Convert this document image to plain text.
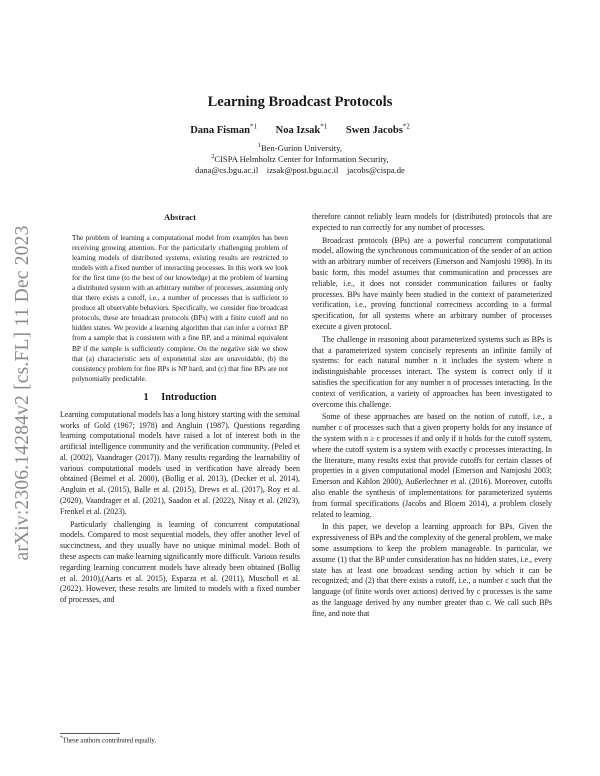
arXiv:2306.14284v2 [cs.FL] 11 Dec 2023
Learning Broadcast Protocols
Dana Fisman$^{*1}$ Noa Izsak$^{*1}$ Swen Jacobs$^{*2}$
$^1$Ben-Gurion University,
$^2$CISPA Helmholtz Center for Information Security,
dana@cs.bgu.ac.il    izsak@post.bgu.ac.il    jacobs@cispa.de
Abstract

The problem of learning a computational model from examples has been receiving growing attention. For the particularly challenging problem of learning models of distributed systems, existing results are restricted to models with a fixed number of interacting processes. In this work we look for the first time (to the best of our knowledge) at the problem of learning a distributed system with an arbitrary number of processes, assuming only that there exists a cutoff, i.e., a number of processes that is sufficient to produce all observable behaviors. Specifically, we consider fine broadcast protocols, these are broadcast protocols (BPs) with a finite cutoff and no hidden states. We provide a learning algorithm that can infer a correct BP from a sample that is consistent with a fine BP, and a minimal equivalent BP if the sample is sufficiently complete. On the negative side we show that (a) characteristic sets of exponential size are unavoidable, (b) the consistency problem for fine BPs is NP hard, and (c) that fine BPs are not polynomially predictable.

1     Introduction

Learning computational models has a long history starting with the seminal works of Gold (1967; 1978) and Angluin (1987). Questions regarding learning computational models have raised a lot of interest both in the artificial intelligence community and the verification community. (Peled et al. (2002), Vaandrager (2017)). Many results regarding the learnability of various computational models used in verification have already been obtained (Beimel et al. 2000), (Bollig et al. 2013), (Decker et al. 2014), Angluin et al. (2015), Balle et al. (2015), Drews et al. (2017), Roy et al. (2020), Vaandrager et al. (2021), Saadon et al. (2022), Nitay et al. (2023), Frenkel et al. (2023).

Particularly challenging is learning of concurrent computational models. Compared to most sequential models, they offer another level of succinctness, and they usually have no unique minimal model. Both of these aspects can make learning significantly more difficult. Various results regarding learning concurrent models have already been obtained (Bollig et al. 2010),(Aarts et al. 2015), Esparza et al. (2011), Muscholl et al. (2022). However, these results are limited to models with a fixed number of processes, and

therefore cannot reliably learn models for (distributed) protocols that are expected to run correctly for any number of processes.

Broadcast protocols (BPs) are a powerful concurrent computational model, allowing the synchronous communication of the sender of an action with an arbitrary number of receivers (Emerson and Namjoshi 1998). In its basic form, this model assumes that communication and processes are reliable, i.e., it does not consider communication failures or faulty processes. BPs have mainly been studied in the context of parameterized verification, i.e., proving functional correctness according to a formal specification, for all systems where an arbitrary number of processes execute a given protocol.

The challenge in reasoning about parameterized systems such as BPs is that a parameterized system concisely represents an infinite family of systems: for each natural number n it includes the system where n indistinguishable processes interact. The system is correct only if it satisfies the specification for any number n of processes interacting. In the context of verification, a variety of approaches has been investigated to overcome this challenge.

Some of these approaches are based on the notion of cutoff, i.e., a number c of processes such that a given property holds for any instance of the system with n ≥ c processes if and only if it holds for the cutoff system, where the cutoff system is a system with exactly c processes interacting. In the literature, many results exist that provide cutoffs for certain classes of properties in a given computational model (Emerson and Namjoshi 2003; Emerson and Kahlon 2000), Außerlechner et al. (2016). Moreover, cutoffs also enable the synthesis of implementations for parameterized systems from formal specifications (Jacobs and Bloem 2014), a problem closely related to learning.

In this paper, we develop a learning approach for BPs. Given the expressiveness of BPs and the complexity of the general problem, we make some assumptions to keep the problem manageable. In particular, we assume (1) that the BP under consideration has no hidden states, i.e., every state has at least one broadcast sending action by which it can be recognized; and (2) that there exists a cutoff, i.e., a number c such that the language (of finite words over actions) derived by c processes is the same as the language derived by any number greater than c. We call such BPs fine, and note that

*These authors contributed equally.
